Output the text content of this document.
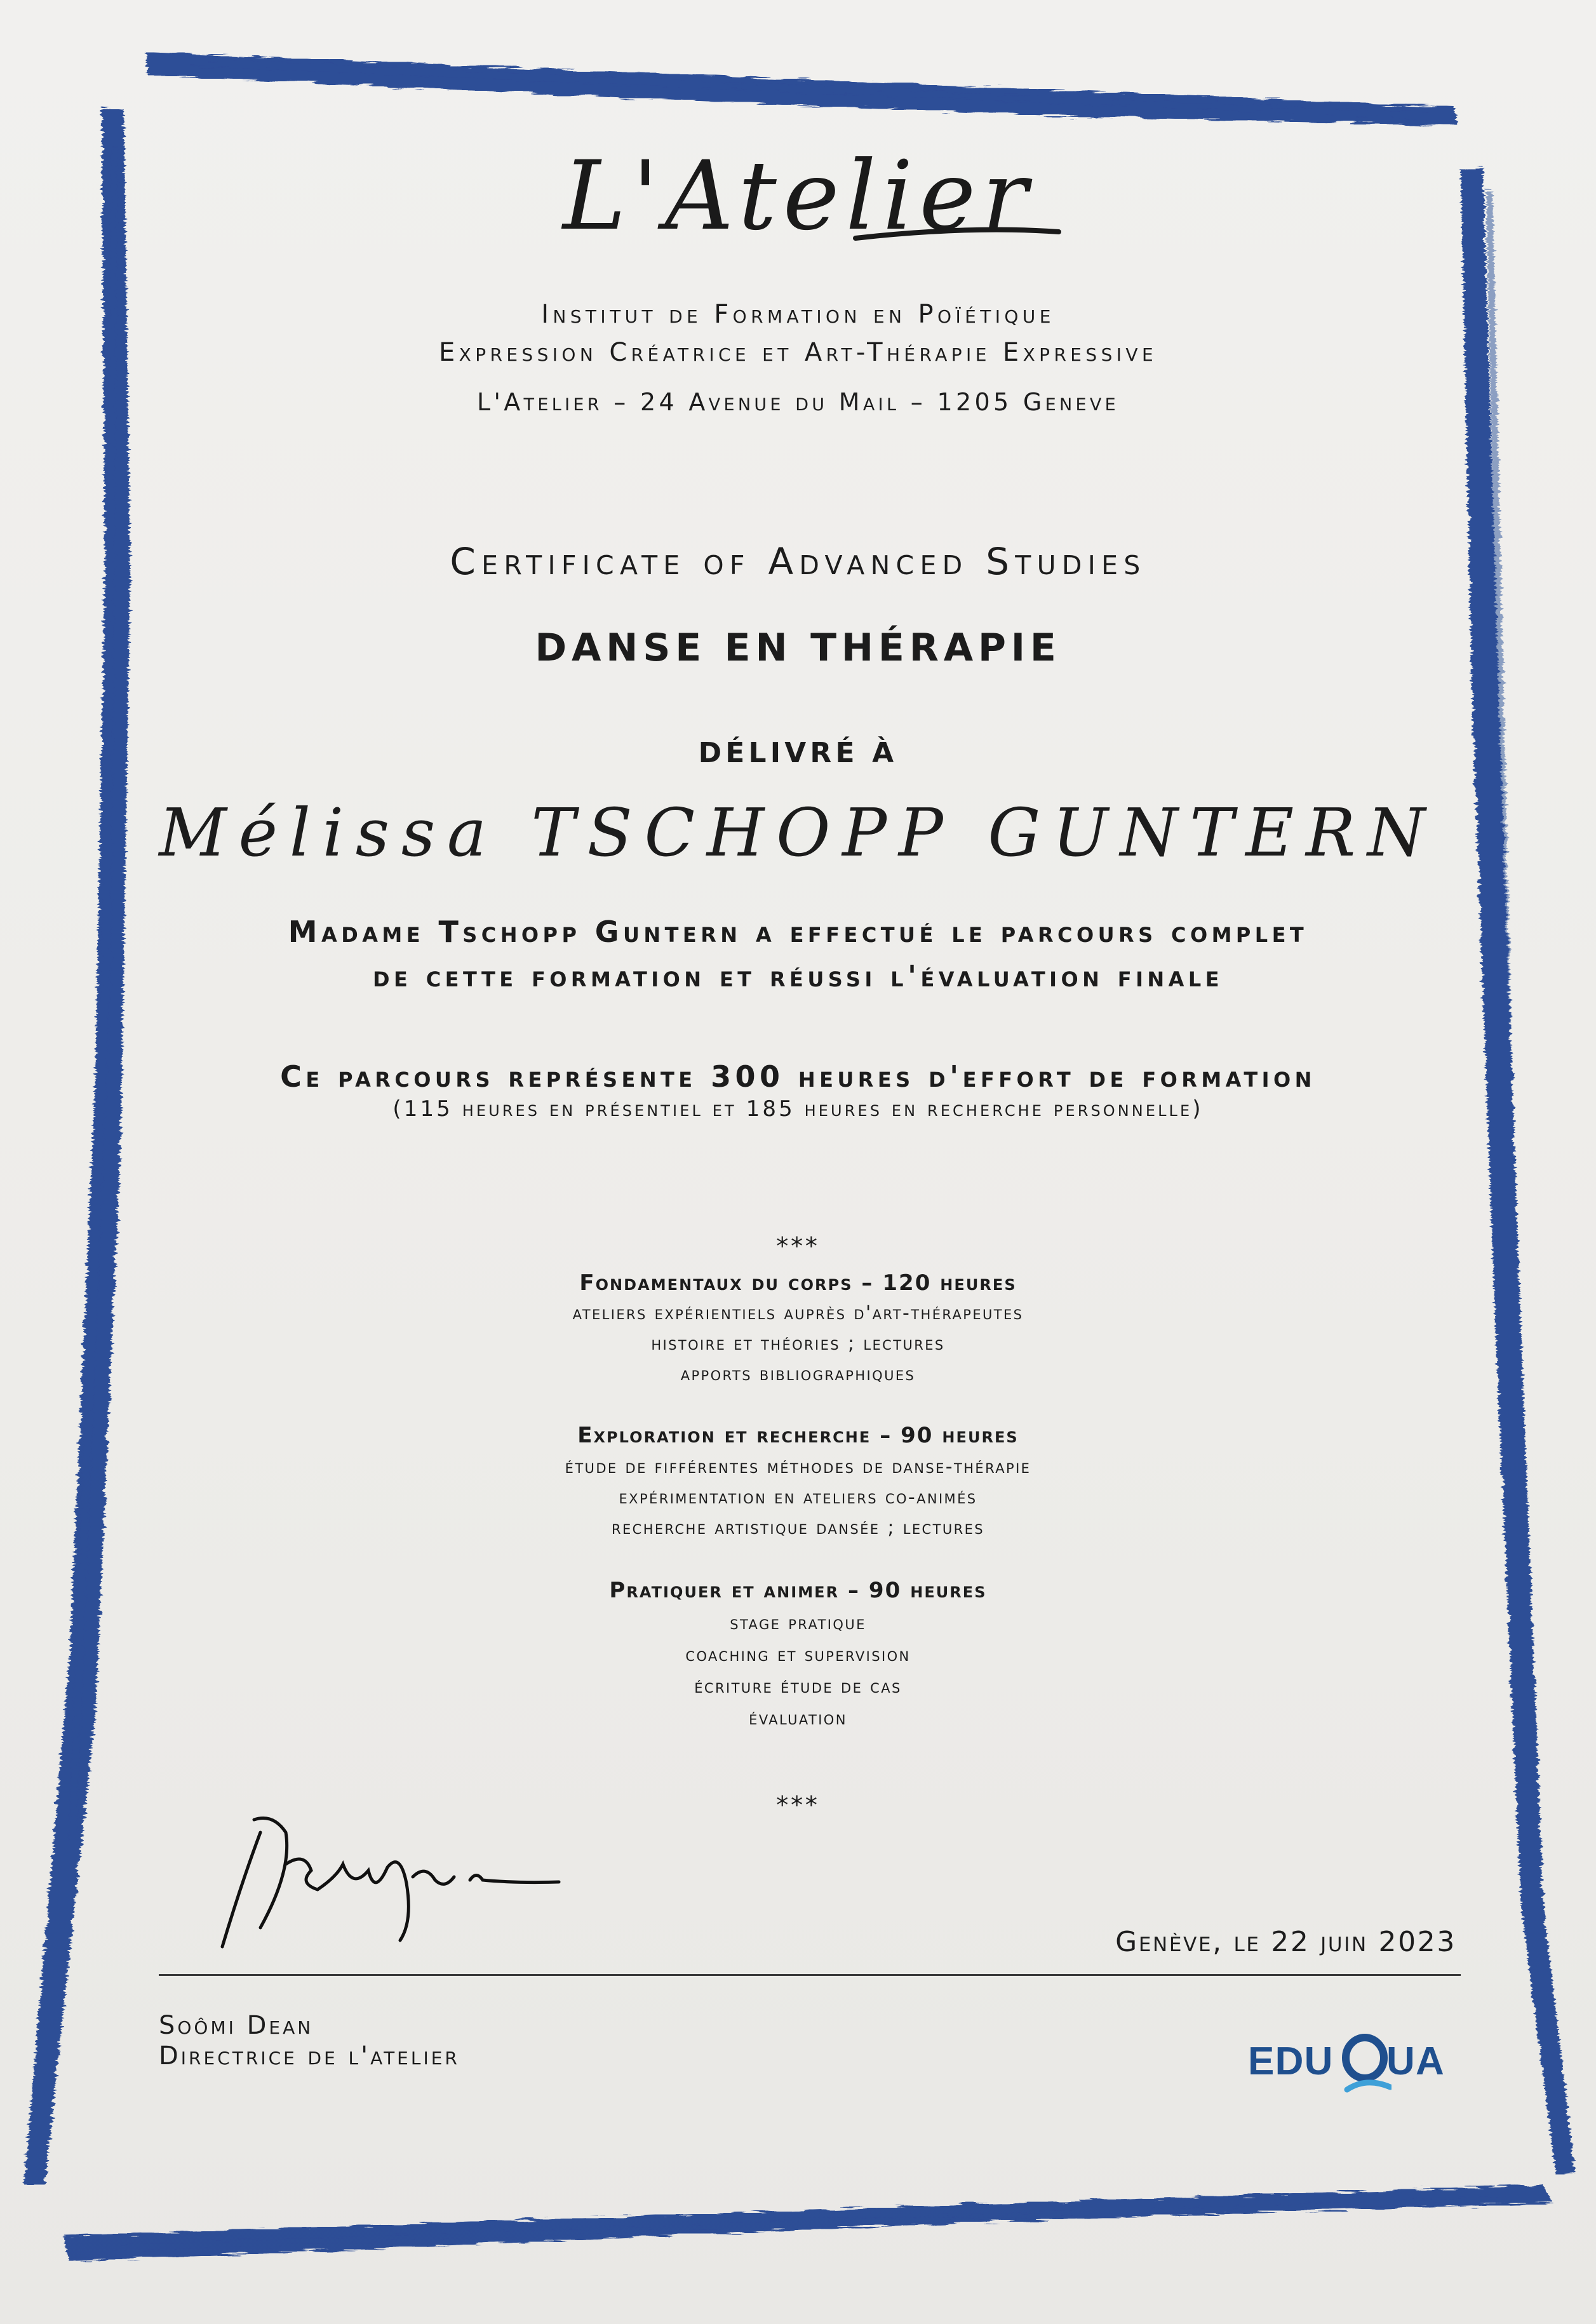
L'Atelier
Institut de Formation en Poïétique
Expression Créatrice et Art-Thérapie Expressive
L'Atelier – 24 Avenue du Mail – 1205 Geneve
Certificate of Advanced Studies
DANSE EN THÉRAPIE
DÉLIVRÉ À
Mélissa TSCHOPP GUNTERN
Madame Tschopp Guntern a effectué le parcours complet
de cette formation et réussi l'évaluation finale
Ce parcours représente 300 heures d'effort de formation
(115 heures en présentiel et 185 heures en recherche personnelle)
***
Fondamentaux du corps – 120 heures
ateliers expérientiels auprès d'art-thérapeutes
histoire et théories ; lectures
apports bibliographiques
Exploration et recherche – 90 heures
étude de fifférentes méthodes de danse-thérapie
expérimentation en ateliers co-animés
recherche artistique dansée ; lectures
Pratiquer et animer – 90 heures
stage pratique
coaching et supervision
écriture étude de cas
évaluation
***
Genève, le 22 juin 2023
Soômi Dean
Directrice de l'atelier	EDU	Q UA
